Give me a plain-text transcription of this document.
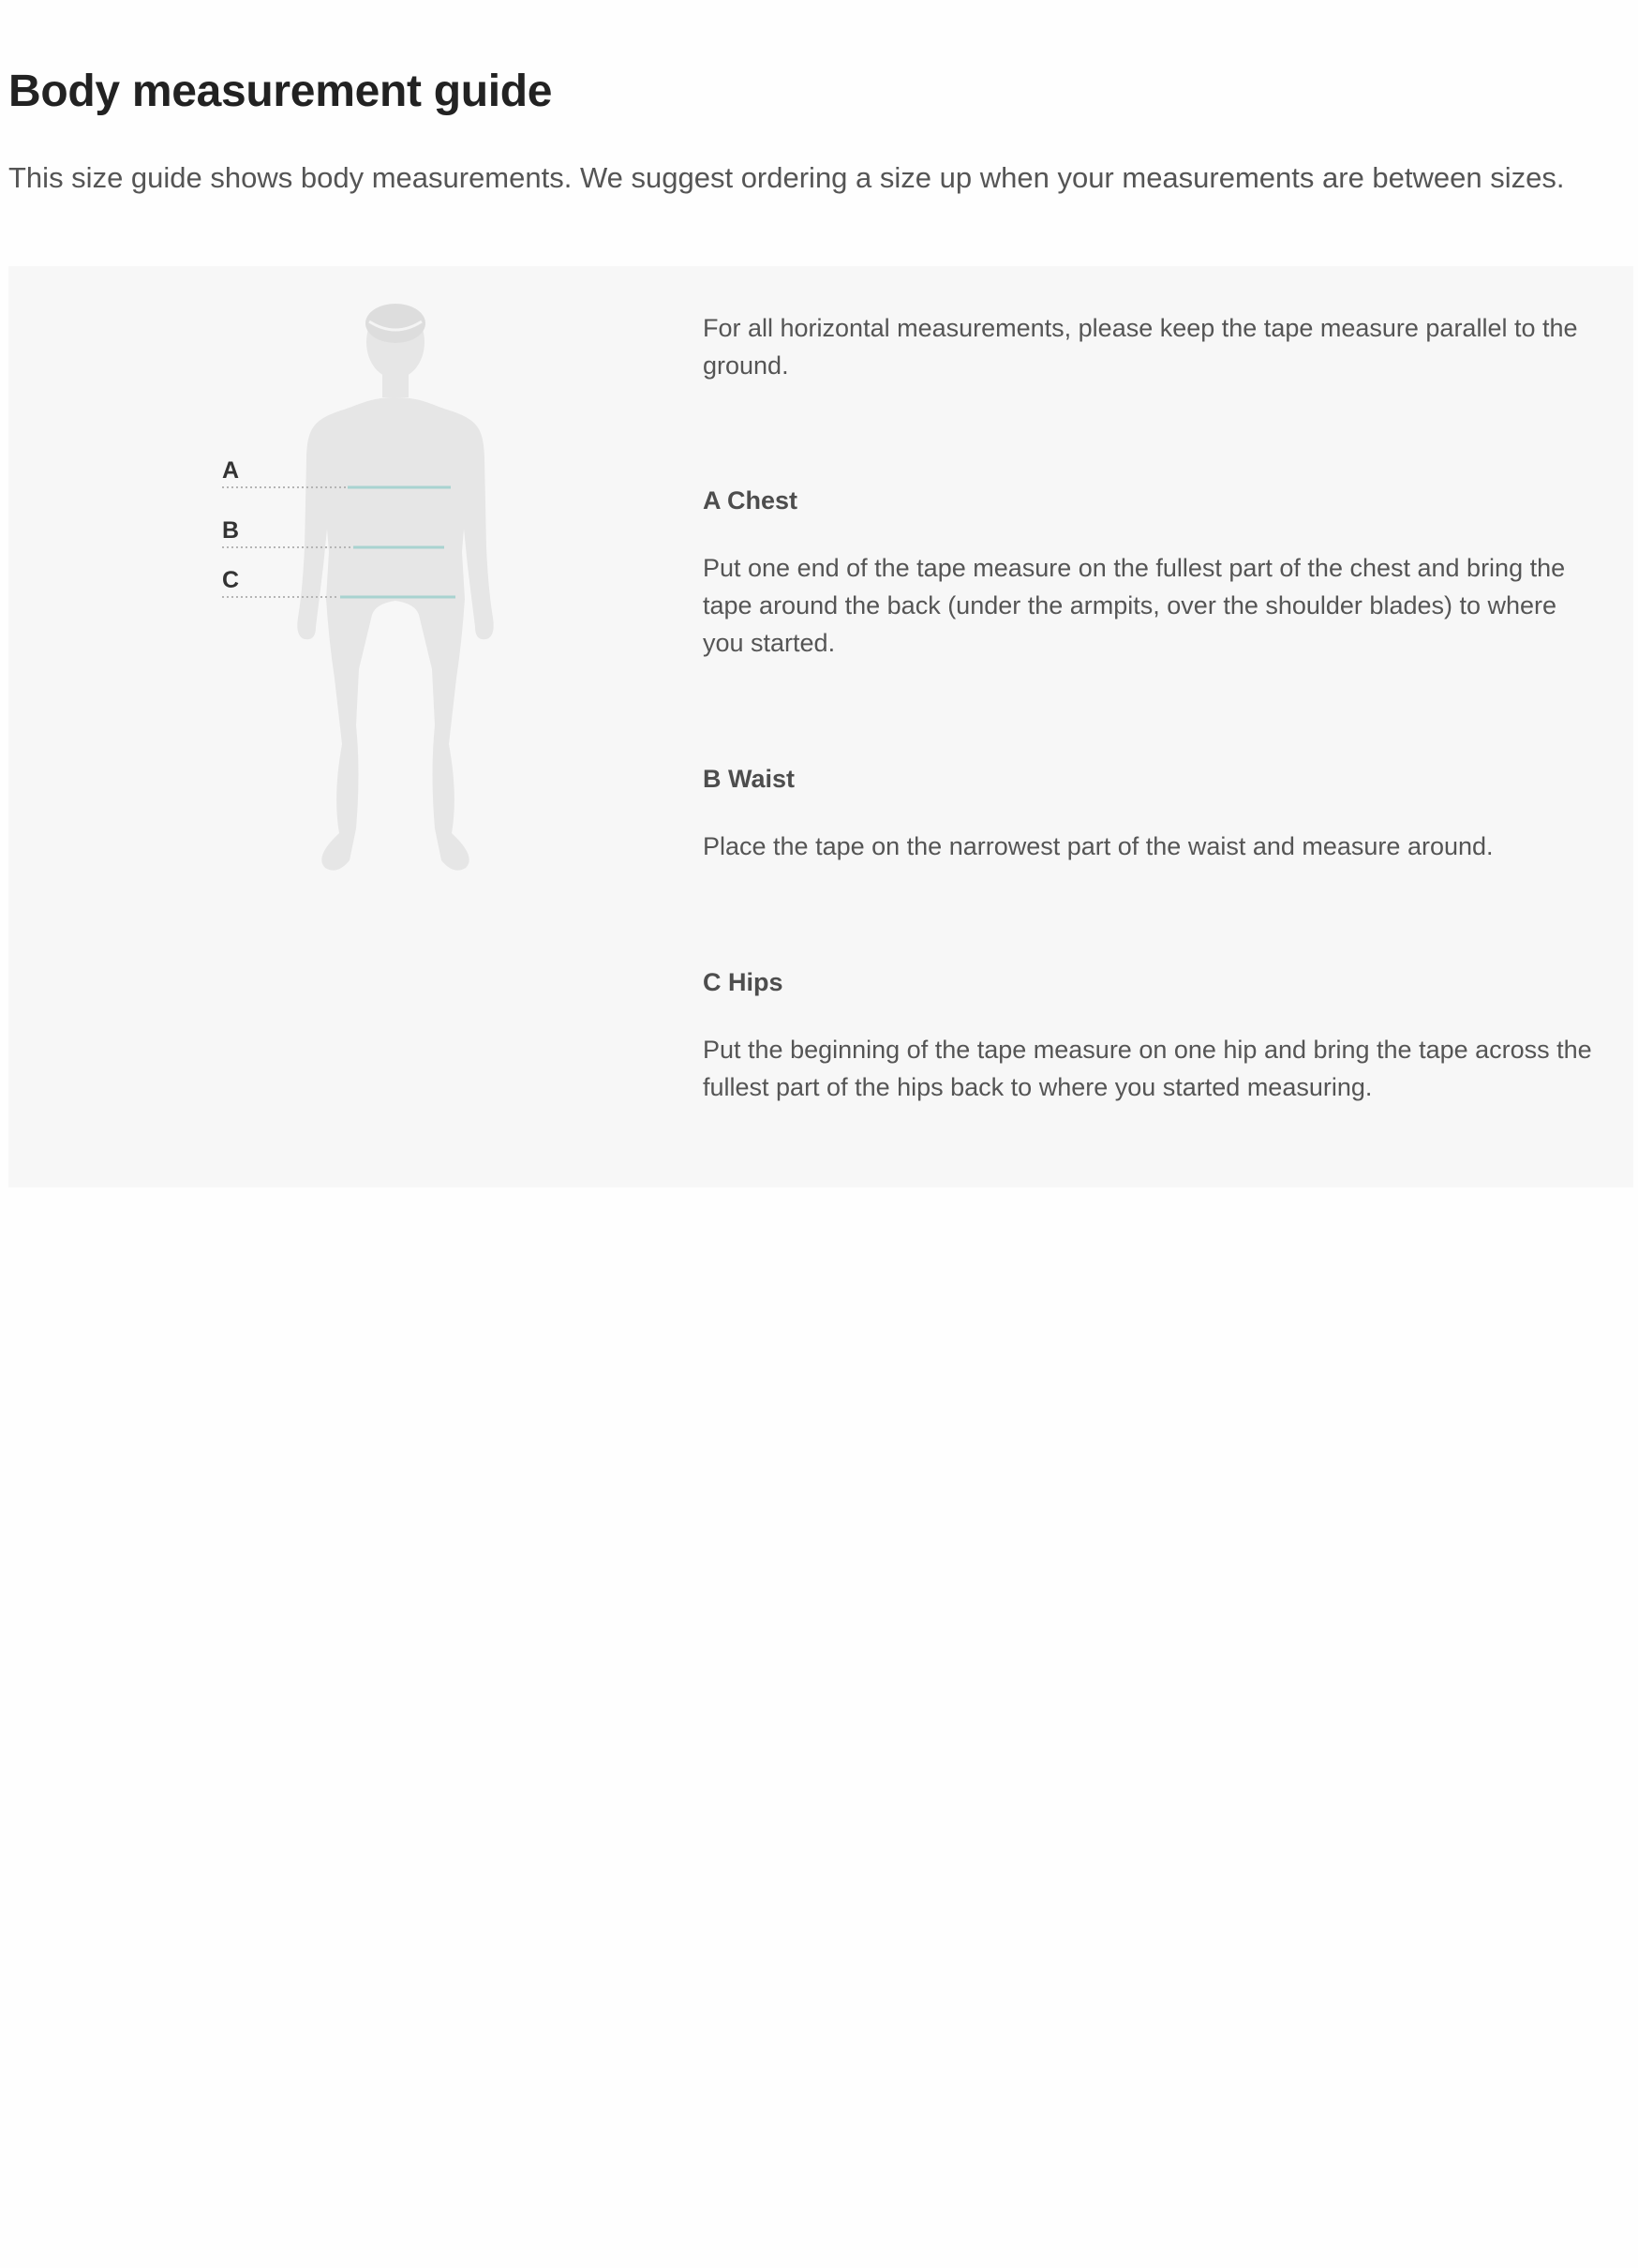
Body measurement guide

This size guide shows body measurements. We suggest ordering a size up when your measurements are between sizes.

A
B
C

For all horizontal measurements, please keep the tape measure parallel to the ground.

A Chest

Put one end of the tape measure on the fullest part of the chest and bring the tape around the back (under the armpits, over the shoulder blades) to where you started.

B Waist

Place the tape on the narrowest part of the waist and measure around.

C Hips

Put the beginning of the tape measure on one hip and bring the tape across the fullest part of the hips back to where you started measuring.
